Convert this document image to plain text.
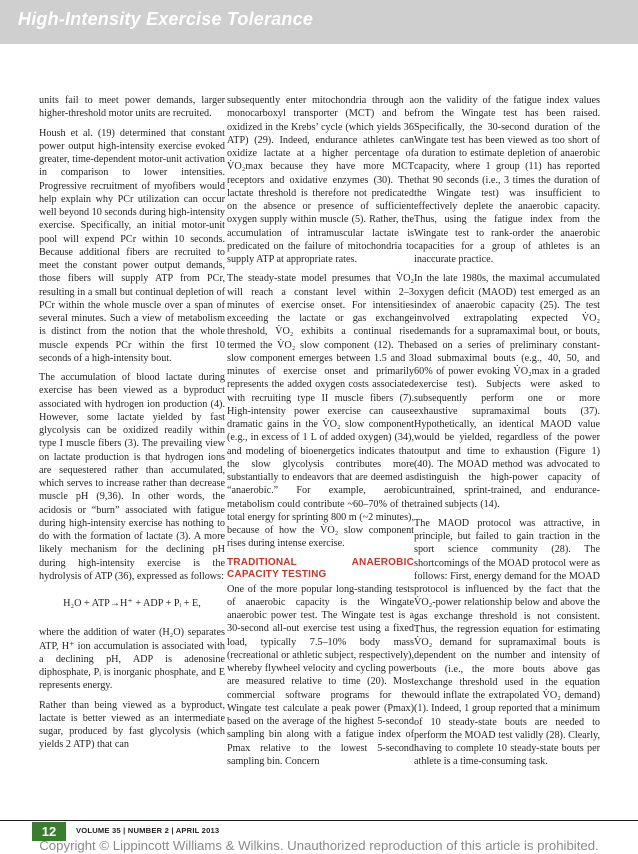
High-Intensity Exercise Tolerance

units fail to meet power demands, larger higher-threshold motor units are recruited.

Housh et al. (19) determined that constant power output high-intensity exercise evoked greater, time-dependent motor-unit activation in comparison to lower intensities. Progressive recruitment of myofibers would help explain why PCr utilization can occur well beyond 10 seconds during high-intensity exercise. Specifically, an initial motor-unit pool will expend PCr within 10 seconds. Because additional fibers are recruited to meet the constant power output demands, those fibers will supply ATP from PCr, resulting in a small but continual depletion of PCr within the whole muscle over a span of several minutes. Such a view of metabolism is distinct from the notion that the whole muscle expends PCr within the first 10 seconds of a high-intensity bout.

The accumulation of blood lactate during exercise has been viewed as a byproduct associated with hydrogen ion production (4). However, some lactate yielded by fast glycolysis can be oxidized readily within type I muscle fibers (3). The prevailing view on lactate production is that hydrogen ions are sequestered rather than accumulated, which serves to increase rather than decrease muscle pH (9,36). In other words, the acidosis or “burn” associated with fatigue during high-intensity exercise has nothing to do with the formation of lactate (3). A more likely mechanism for the declining pH during high-intensity exercise is the hydrolysis of ATP (36), expressed as follows:

H₂O + ATP→H⁺ + ADP + Pᵢ + E,

where the addition of water (H₂O) separates ATP, H⁺ ion accumulation is associated with a declining pH, ADP is adenosine diphosphate, Pᵢ is inorganic phosphate, and E represents energy.

Rather than being viewed as a byproduct, lactate is better viewed as an intermediate sugar, produced by fast glycolysis (which yields 2 ATP) that can

subsequently enter mitochondria through a monocarboxyl transporter (MCT) and be oxidized in the Krebs’ cycle (which yields 36 ATP) (29). Indeed, endurance athletes can oxidize lactate at a higher percentage of V̇O₂max because they have more MCT receptors and oxidative enzymes (30). The lactate threshold is therefore not predicated on the absence or presence of sufficient oxygen supply within muscle (5). Rather, the accumulation of intramuscular lactate is predicated on the failure of mitochondria to supply ATP at appropriate rates.

The steady-state model presumes that V̇O₂ will reach a constant level within 2–3 minutes of exercise onset. For intensities exceeding the lactate or gas exchange threshold, V̇O₂ exhibits a continual rise termed the V̇O₂ slow component (12). The slow component emerges between 1.5 and 3 minutes of exercise onset and primarily represents the added oxygen costs associated with recruiting type II muscle fibers (7). High-intensity power exercise can cause dramatic gains in the V̇O₂ slow component (e.g., in excess of 1 L of added oxygen) (34), and modeling of bioenergetics indicates that the slow glycolysis contributes more substantially to endeavors that are deemed as “anaerobic.” For example, aerobic metabolism could contribute ~60–70% of the total energy for sprinting 800 m (~2 minutes), because of how the V̇O₂ slow component rises during intense exercise.

TRADITIONAL ANAEROBIC CAPACITY TESTING

One of the more popular long-standing tests of anaerobic capacity is the Wingate anaerobic power test. The Wingate test is a 30-second all-out exercise test using a fixed load, typically 7.5–10% body mass (recreational or athletic subject, respectively), whereby flywheel velocity and cycling power are measured relative to time (20). Most commercial software programs for the Wingate test calculate a peak power (Pmax) based on the average of the highest 5-second sampling bin along with a fatigue index of Pmax relative to the lowest 5-second sampling bin. Concern

on the validity of the fatigue index values from the Wingate test has been raised. Specifically, the 30-second duration of the Wingate test has been viewed as too short of a duration to estimate depletion of anaerobic capacity, where 1 group (11) has reported that 90 seconds (i.e., 3 times the duration of the Wingate test) was insufficient to effectively deplete the anaerobic capacity. Thus, using the fatigue index from the Wingate test to rank-order the anaerobic capacities for a group of athletes is an inaccurate practice.

In the late 1980s, the maximal accumulated oxygen deficit (MAOD) test emerged as an index of anaerobic capacity (25). The test involved extrapolating expected V̇O₂ demands for a supramaximal bout, or bouts, based on a series of preliminary constant-load submaximal bouts (e.g., 40, 50, and 60% of power evoking V̇O₂max in a graded exercise test). Subjects were asked to subsequently perform one or more exhaustive supramaximal bouts (37). Hypothetically, an identical MAOD value would be yielded, regardless of the power output and time to exhaustion (Figure 1) (40). The MOAD method was advocated to distinguish the high-power capacity of untrained, sprint-trained, and endurance-trained subjects (14).

The MAOD protocol was attractive, in principle, but failed to gain traction in the sport science community (28). The shortcomings of the MOAD protocol were as follows: First, energy demand for the MOAD protocol is influenced by the fact that the V̇O₂-power relationship below and above the gas exchange threshold is not consistent. Thus, the regression equation for estimating V̇O₂ demand for supramaximal bouts is dependent on the number and intensity of bouts (i.e., the more bouts above gas exchange threshold used in the equation would inflate the extrapolated V̇O₂ demand) (1). Indeed, 1 group reported that a minimum of 10 steady-state bouts are needed to perform the MOAD test validly (28). Clearly, having to complete 10 steady-state bouts per athlete is a time-consuming task.

12	VOLUME 35 | NUMBER 2 | APRIL 2013
Copyright © Lippincott Williams & Wilkins. Unauthorized reproduction of this article is prohibited.
